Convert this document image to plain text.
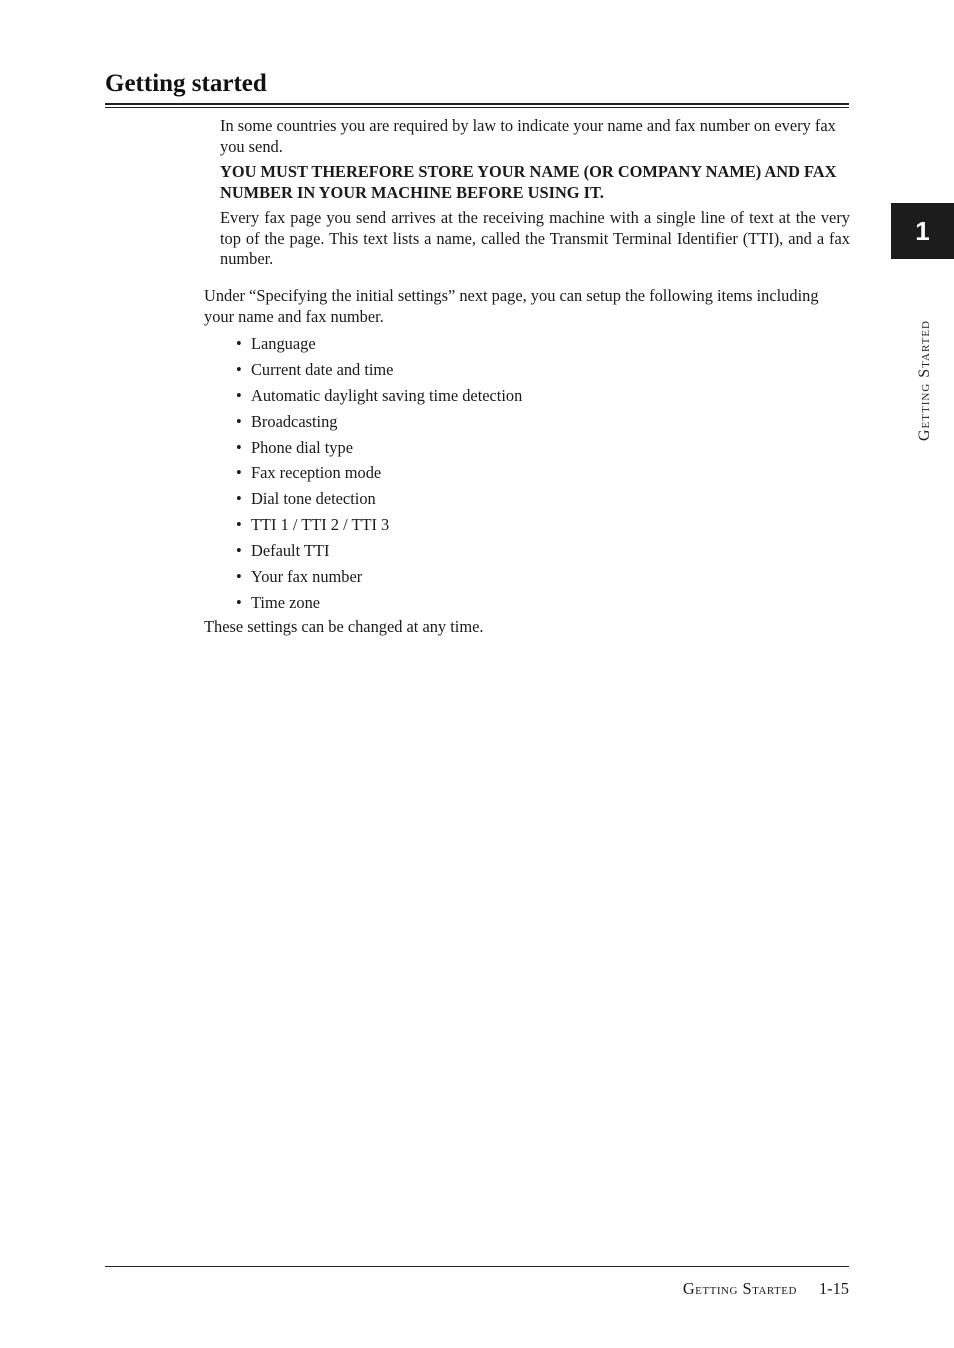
Getting started

In some countries you are required by law to indicate your name and fax number on every fax you send.

YOU MUST THEREFORE STORE YOUR NAME (OR COMPANY NAME) AND FAX NUMBER IN YOUR MACHINE BEFORE USING IT.

Every fax page you send arrives at the receiving machine with a single line of text at the very top of the page. This text lists a name, called the Transmit Terminal Identifier (TTI), and a fax number.

Under “Specifying the initial settings” next page, you can setup the following items including your name and fax number.

• Language
• Current date and time
• Automatic daylight saving time detection
• Broadcasting
• Phone dial type
• Fax reception mode
• Dial tone detection
• TTI 1 / TTI 2 / TTI 3
• Default TTI
• Your fax number
• Time zone

These settings can be changed at any time.

1
Getting Started
Getting Started 1-15
